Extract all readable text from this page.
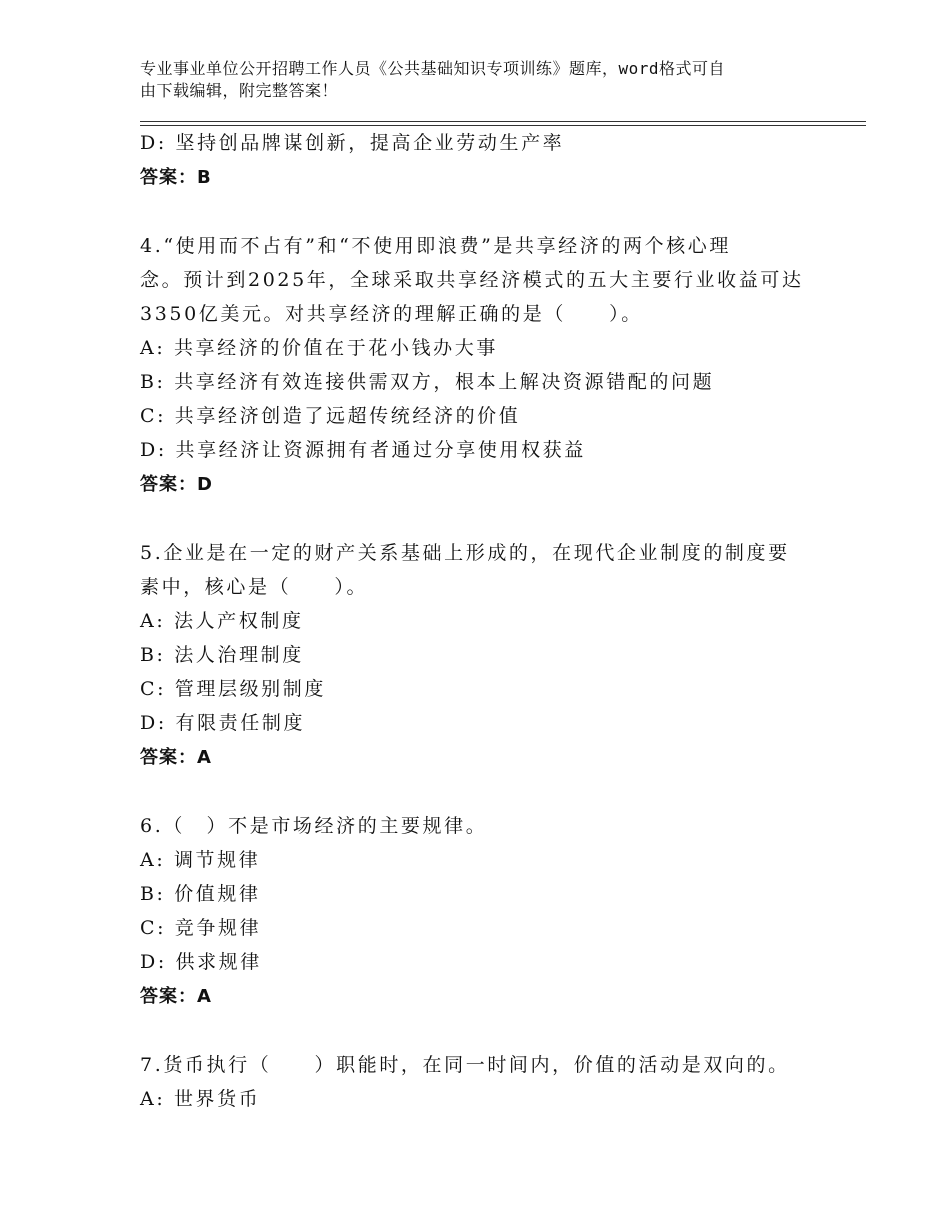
专业事业单位公开招聘工作人员《公共基础知识专项训练》题库，word格式可自
由下载编辑，附完整答案！
D: 坚持创品牌谋创新，提高企业劳动生产率
答案：B
4.“使用而不占有”和“不使用即浪费”是共享经济的两个核心理
念。预计到2025年，全球采取共享经济模式的五大主要行业收益可达
3350亿美元。对共享经济的理解正确的是（　　）。
A: 共享经济的价值在于花小钱办大事
B: 共享经济有效连接供需双方，根本上解决资源错配的问题
C: 共享经济创造了远超传统经济的价值
D: 共享经济让资源拥有者通过分享使用权获益
答案：D
5.企业是在一定的财产关系基础上形成的，在现代企业制度的制度要
素中，核心是（　　）。
A: 法人产权制度
B: 法人治理制度
C: 管理层级别制度
D: 有限责任制度
答案：A
6.（　）不是市场经济的主要规律。
A: 调节规律
B: 价值规律
C: 竞争规律
D: 供求规律
答案：A
7.货币执行（　　）职能时，在同一时间内，价值的活动是双向的。
A: 世界货币
